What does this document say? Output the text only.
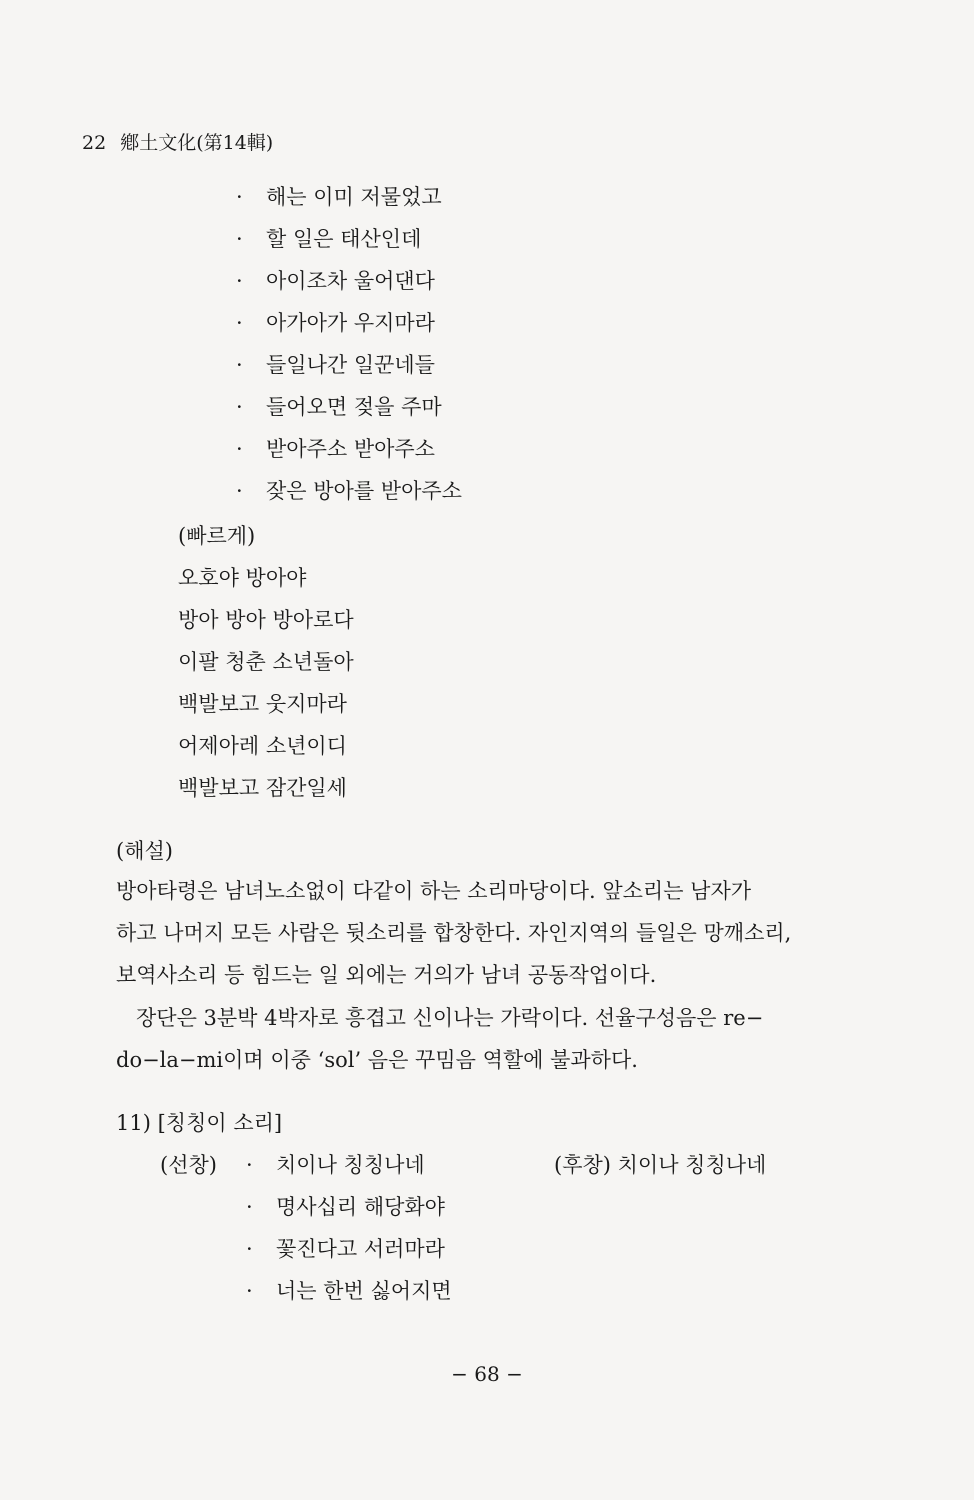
22 鄕土文化(第14輯)
· 해는 이미 저물었고
· 할 일은 태산인데
· 아이조차 울어댄다
· 아가아가 우지마라
· 들일나간 일꾼네들
· 들어오면 젖을 주마
· 받아주소 받아주소
· 잦은 방아를 받아주소
(빠르게)
오호야 방아야
방아 방아 방아로다
이팔 청춘 소년돌아
백발보고 웃지마라
어제아레 소년이디
백발보고 잠간일세
(해설)
방아타령은 남녀노소없이 다같이 하는 소리마당이다. 앞소리는 남자가
하고 나머지 모든 사람은 뒷소리를 합창한다. 자인지역의 들일은 망깨소리,
보역사소리 등 힘드는 일 외에는 거의가 남녀 공동작업이다.
장단은 3분박 4박자로 흥겹고 신이나는 가락이다. 선율구성음은 re−
do−la−mi이며 이중 ‘sol’ 음은 꾸밈음 역할에 불과하다.
11) [칭칭이 소리]
(선창) · 치이나 칭칭나네	(후창) 치이나 칭칭나네
· 명사십리 해당화야
· 꽃진다고 서러마라
· 너는 한번 싫어지면
− 68 −
